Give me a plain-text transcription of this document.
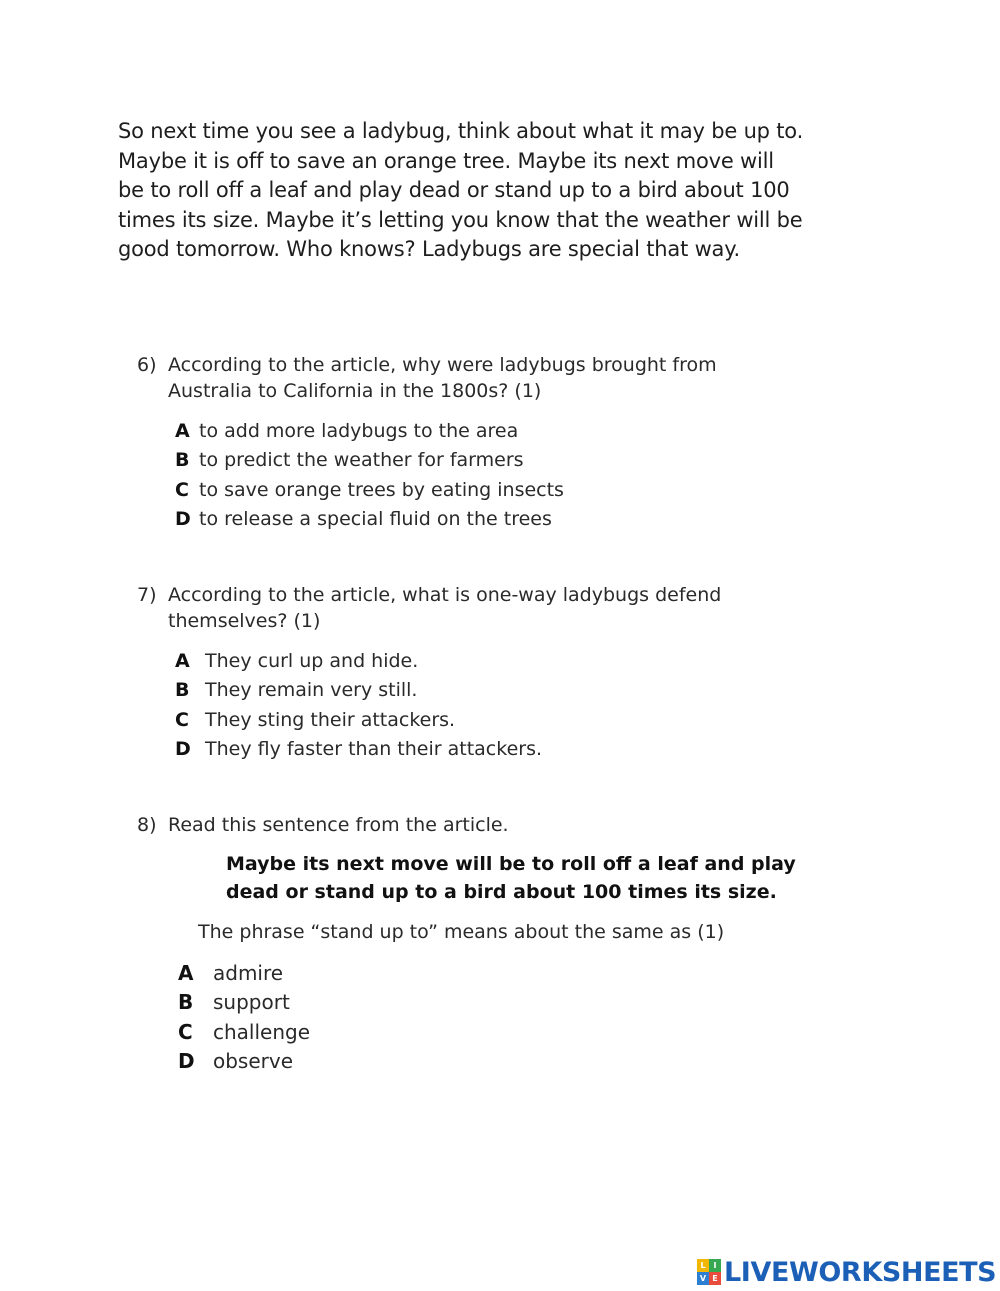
So next time you see a ladybug, think about what it may be up to.
Maybe it is off to save an orange tree. Maybe its next move will
be to roll off a leaf and play dead or stand up to a bird about 100
times its size. Maybe it’s letting you know that the weather will be
good tomorrow. Who knows? Ladybugs are special that way.

6) According to the article, why were ladybugs brought from
Australia to California in the 1800s? (1)
A to add more ladybugs to the area
B to predict the weather for farmers
C to save orange trees by eating insects
D to release a special fluid on the trees
7) According to the article, what is one-way ladybugs defend
themselves? (1)
A They curl up and hide.
B They remain very still.
C They sting their attackers.
D They fly faster than their attackers.
8) Read this sentence from the article.
Maybe its next move will be to roll off a leaf and play
dead or stand up to a bird about 100 times its size.
The phrase “stand up to” means about the same as (1)
A admire
B support
C challenge
D observe
L I
V E LIVEWORKSHEETS
